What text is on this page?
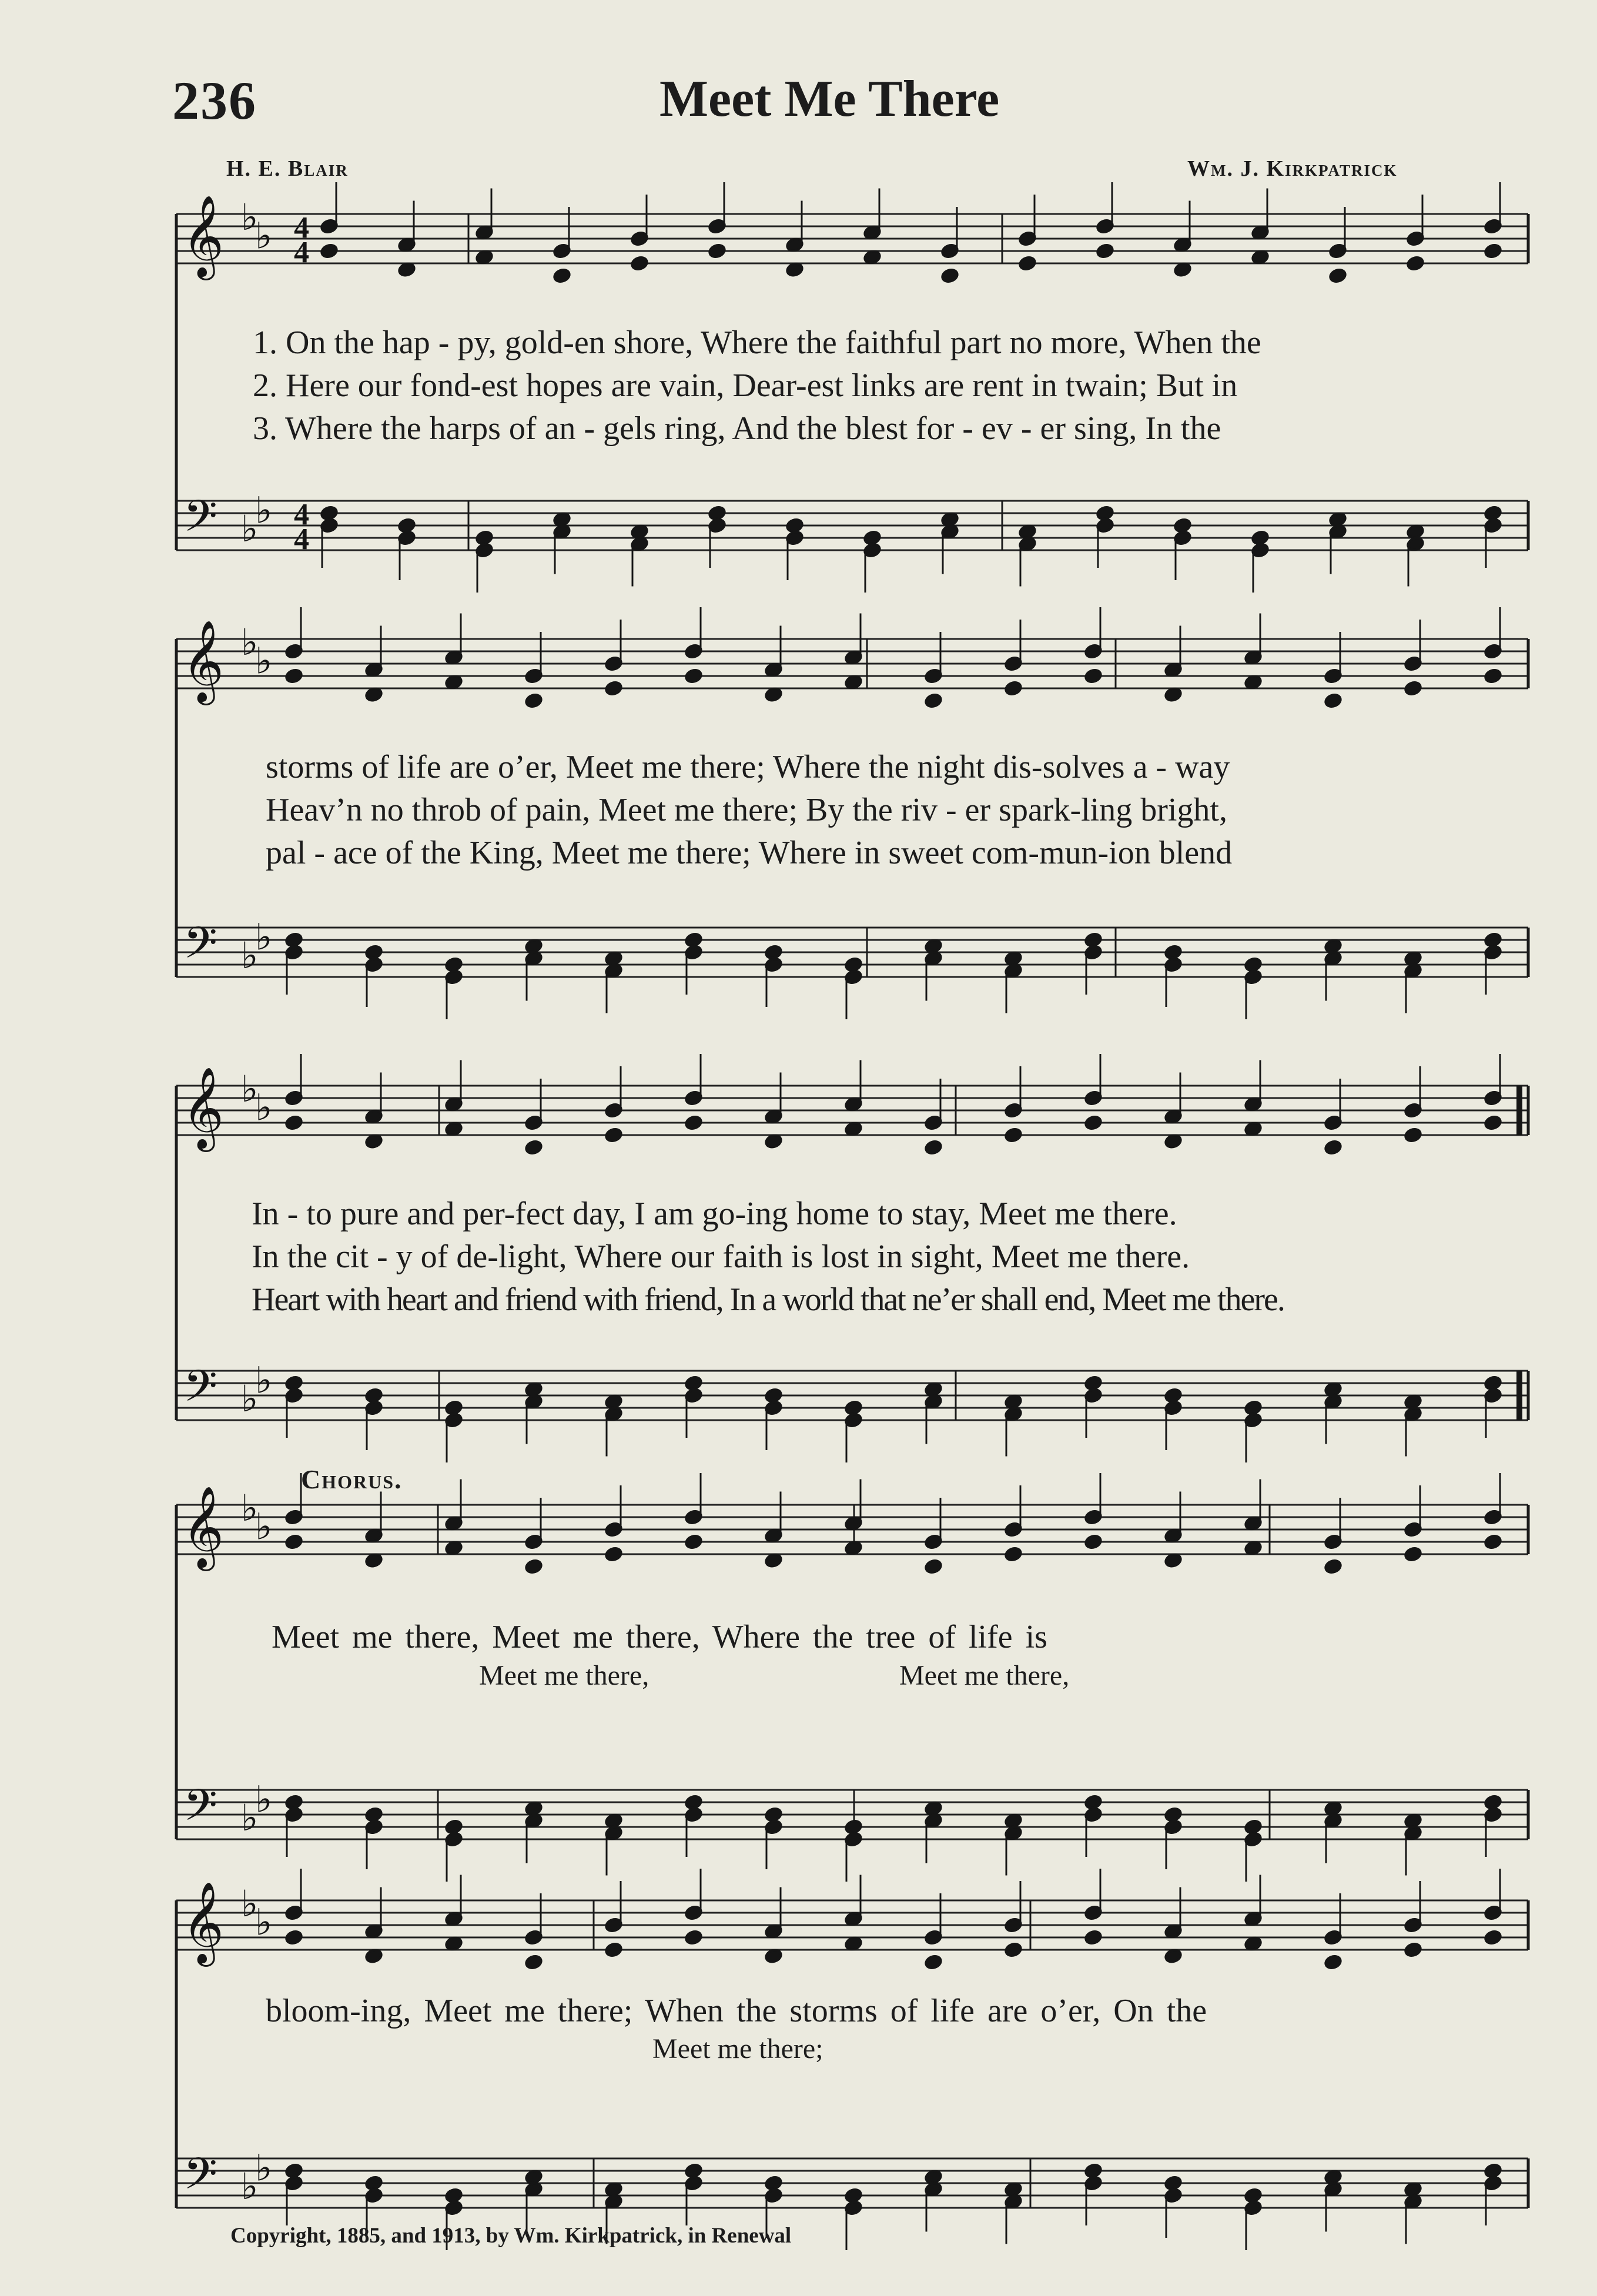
236	Meet Me There
H. E. Blair	Wm. J. Kirkpatrick
𝄞
𝄢
♭
♭
♭
♭
4
4
4
4
𝄞
𝄢
♭
♭
♭
♭
𝄞
𝄢
♭
♭
♭
♭
𝄞
𝄢
♭
♭
♭
♭
𝄞
𝄢
♭
♭
♭
♭
1. On the hap - py, gold-en shore, Where the faithful part no more, When the
2. Here our fond-est hopes are vain, Dear-est links are rent in twain; But in
3. Where the harps of an - gels ring, And the blest for - ev - er sing, In the
storms of life are o’er, Meet me there; Where the night dis-solves a - way
Heav’n no throb of pain, Meet me there; By the riv - er spark-ling bright,
pal - ace of the King, Meet me there; Where in sweet com-mun-ion blend
In - to pure and per-fect day, I am go-ing home to stay, Meet me there.
In the cit - y of de-light, Where our faith is lost in sight, Meet me there.
Heart with heart and friend with friend, In a world that ne’er shall end, Meet me there.
Chorus.
Meet me there, Meet me there, Where the tree of life is
Meet me there,	Meet me there,
bloom-ing, Meet me there; When the storms of life are o’er, On the
Meet me there;
Copyright, 1885, and 1913, by Wm. Kirkpatrick, in Renewal
